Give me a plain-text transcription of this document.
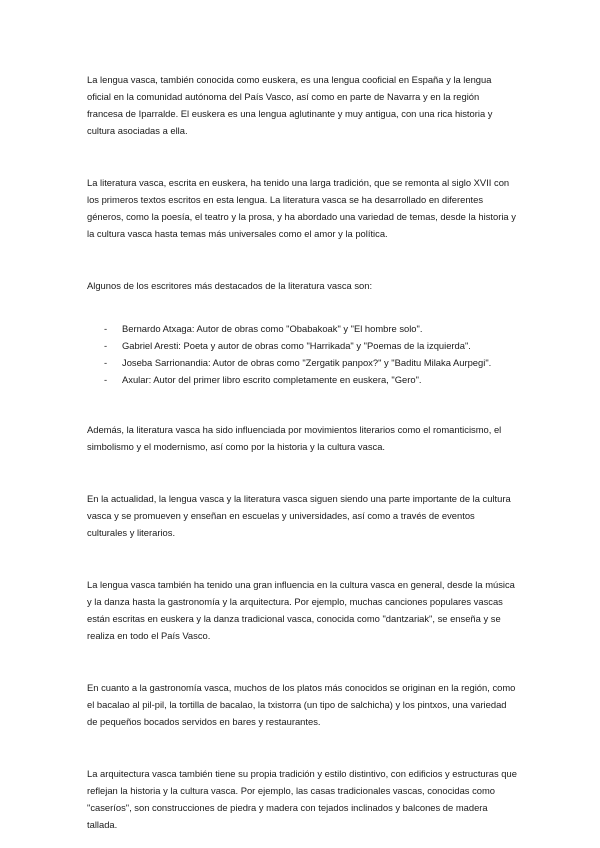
La lengua vasca, también conocida como euskera, es una lengua cooficial en España y la lengua oficial en la comunidad autónoma del País Vasco, así como en parte de Navarra y en la región francesa de Iparralde. El euskera es una lengua aglutinante y muy antigua, con una rica historia y cultura asociadas a ella.

La literatura vasca, escrita en euskera, ha tenido una larga tradición, que se remonta al siglo XVII con los primeros textos escritos en esta lengua. La literatura vasca se ha desarrollado en diferentes géneros, como la poesía, el teatro y la prosa, y ha abordado una variedad de temas, desde la historia y la cultura vasca hasta temas más universales como el amor y la política.

Algunos de los escritores más destacados de la literatura vasca son:

- Bernardo Atxaga: Autor de obras como "Obabakoak" y "El hombre solo".
- Gabriel Aresti: Poeta y autor de obras como "Harrikada" y "Poemas de la izquierda".
- Joseba Sarrionandia: Autor de obras como "Zergatik panpox?" y "Baditu Milaka Aurpegi".
- Axular: Autor del primer libro escrito completamente en euskera, "Gero".

Además, la literatura vasca ha sido influenciada por movimientos literarios como el romanticismo, el simbolismo y el modernismo, así como por la historia y la cultura vasca.

En la actualidad, la lengua vasca y la literatura vasca siguen siendo una parte importante de la cultura vasca y se promueven y enseñan en escuelas y universidades, así como a través de eventos culturales y literarios.

La lengua vasca también ha tenido una gran influencia en la cultura vasca en general, desde la música y la danza hasta la gastronomía y la arquitectura. Por ejemplo, muchas canciones populares vascas están escritas en euskera y la danza tradicional vasca, conocida como "dantzariak", se enseña y se realiza en todo el País Vasco.

En cuanto a la gastronomía vasca, muchos de los platos más conocidos se originan en la región, como el bacalao al pil-pil, la tortilla de bacalao, la txistorra (un tipo de salchicha) y los pintxos, una variedad de pequeños bocados servidos en bares y restaurantes.

La arquitectura vasca también tiene su propia tradición y estilo distintivo, con edificios y estructuras que reflejan la historia y la cultura vasca. Por ejemplo, las casas tradicionales vascas, conocidas como "caseríos", son construcciones de piedra y madera con tejados inclinados y balcones de madera tallada.
